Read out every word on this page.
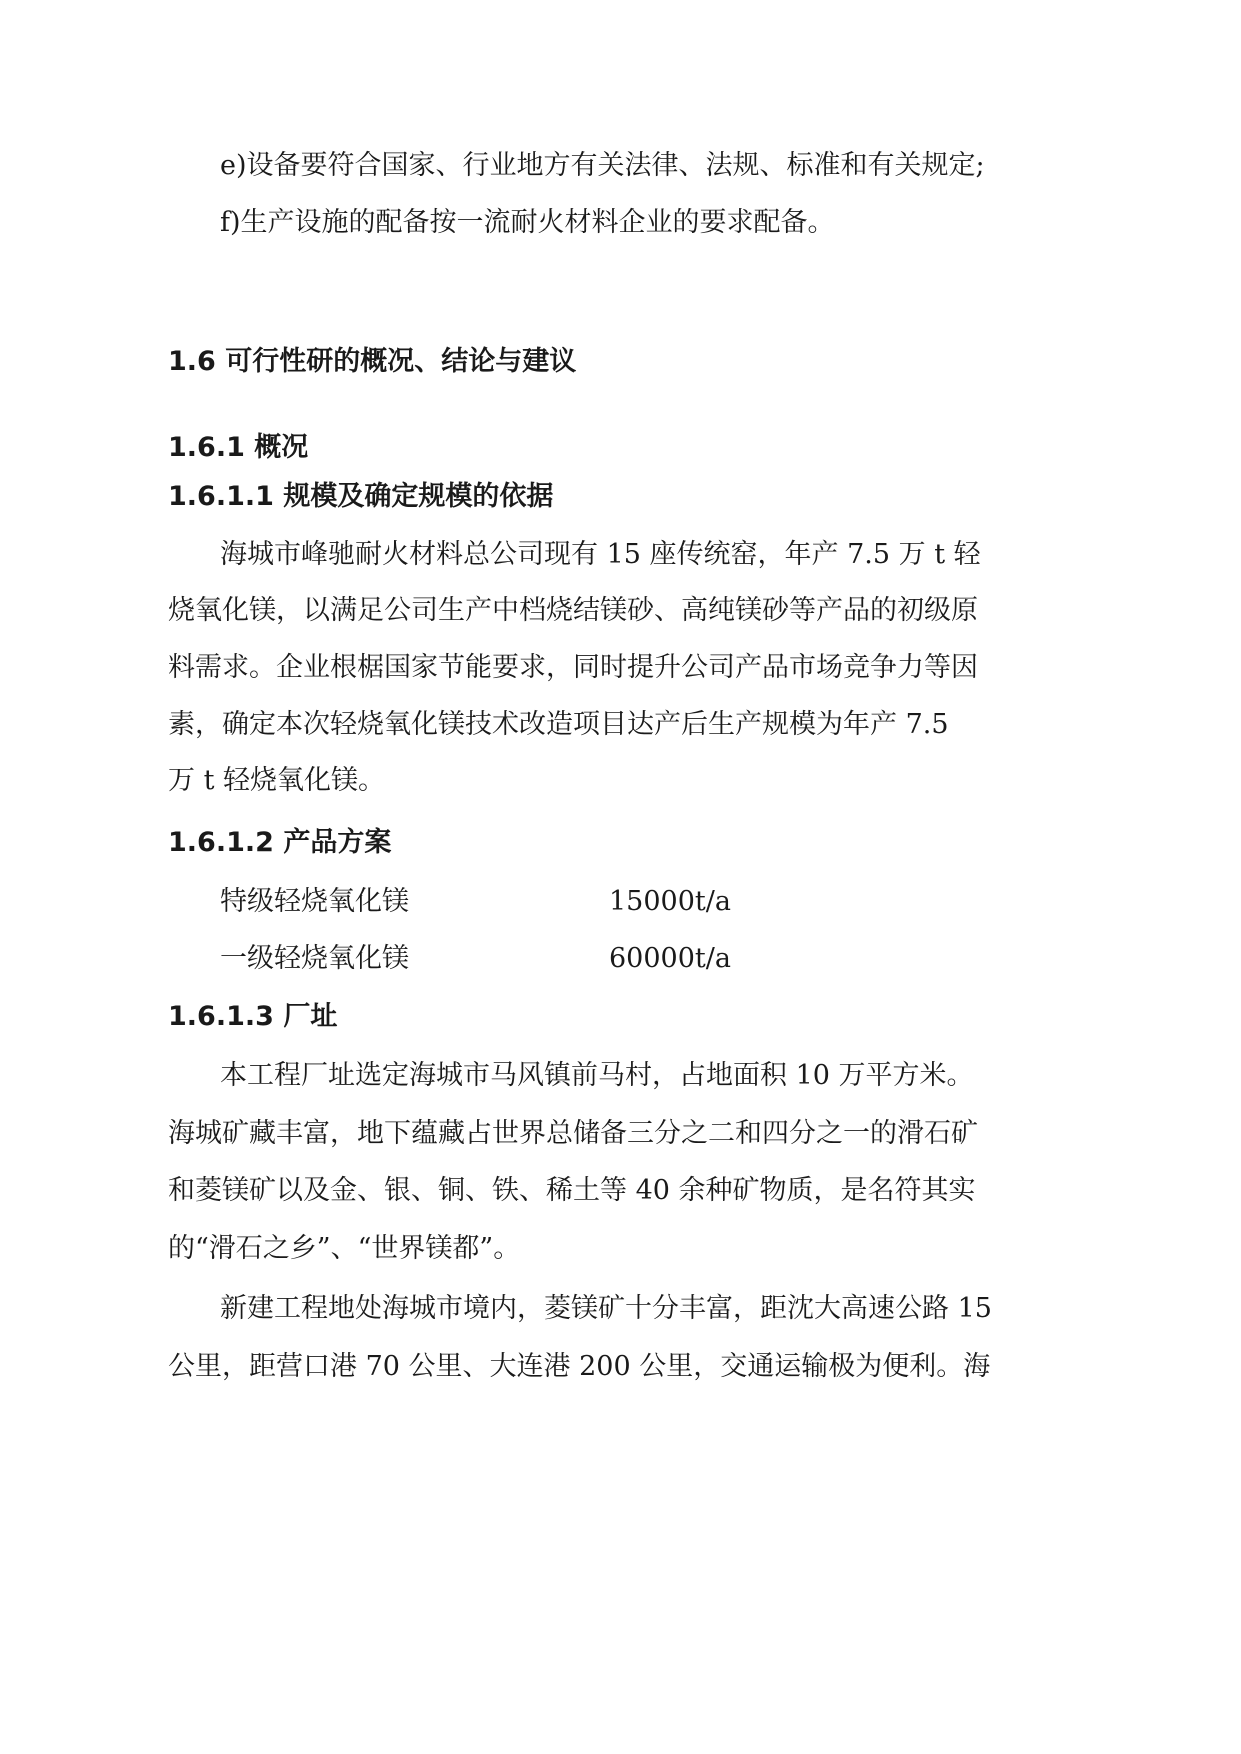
e)设备要符合国家、行业地方有关法律、法规、标准和有关规定;

f)生产设施的配备按一流耐火材料企业的要求配备。

1.6 可行性研的概况、结论与建议
1.6.1 概况
1.6.1.1 规模及确定规模的依据

海城市峰驰耐火材料总公司现有 15 座传统窑，年产 7.5 万 t 轻

烧氧化镁，以满足公司生产中档烧结镁砂、高纯镁砂等产品的初级原

料需求。企业根椐国家节能要求，同时提升公司产品市场竞争力等因

素，确定本次轻烧氧化镁技术改造项目达产后生产规模为年产 7.5

万 t 轻烧氧化镁。

1.6.1.2 产品方案
特级轻烧氧化镁	15000t/a
一级轻烧氧化镁	60000t/a
1.6.1.3 厂址

本工程厂址选定海城市马风镇前马村，占地面积 10 万平方米。

海城矿藏丰富，地下蕴藏占世界总储备三分之二和四分之一的滑石矿

和菱镁矿以及金、银、铜、铁、稀土等 40 余种矿物质，是名符其实

的“滑石之乡”、“世界镁都”。

新建工程地处海城市境内，菱镁矿十分丰富，距沈大高速公路 15

公里，距营口港 70 公里、大连港 200 公里，交通运输极为便利。海
